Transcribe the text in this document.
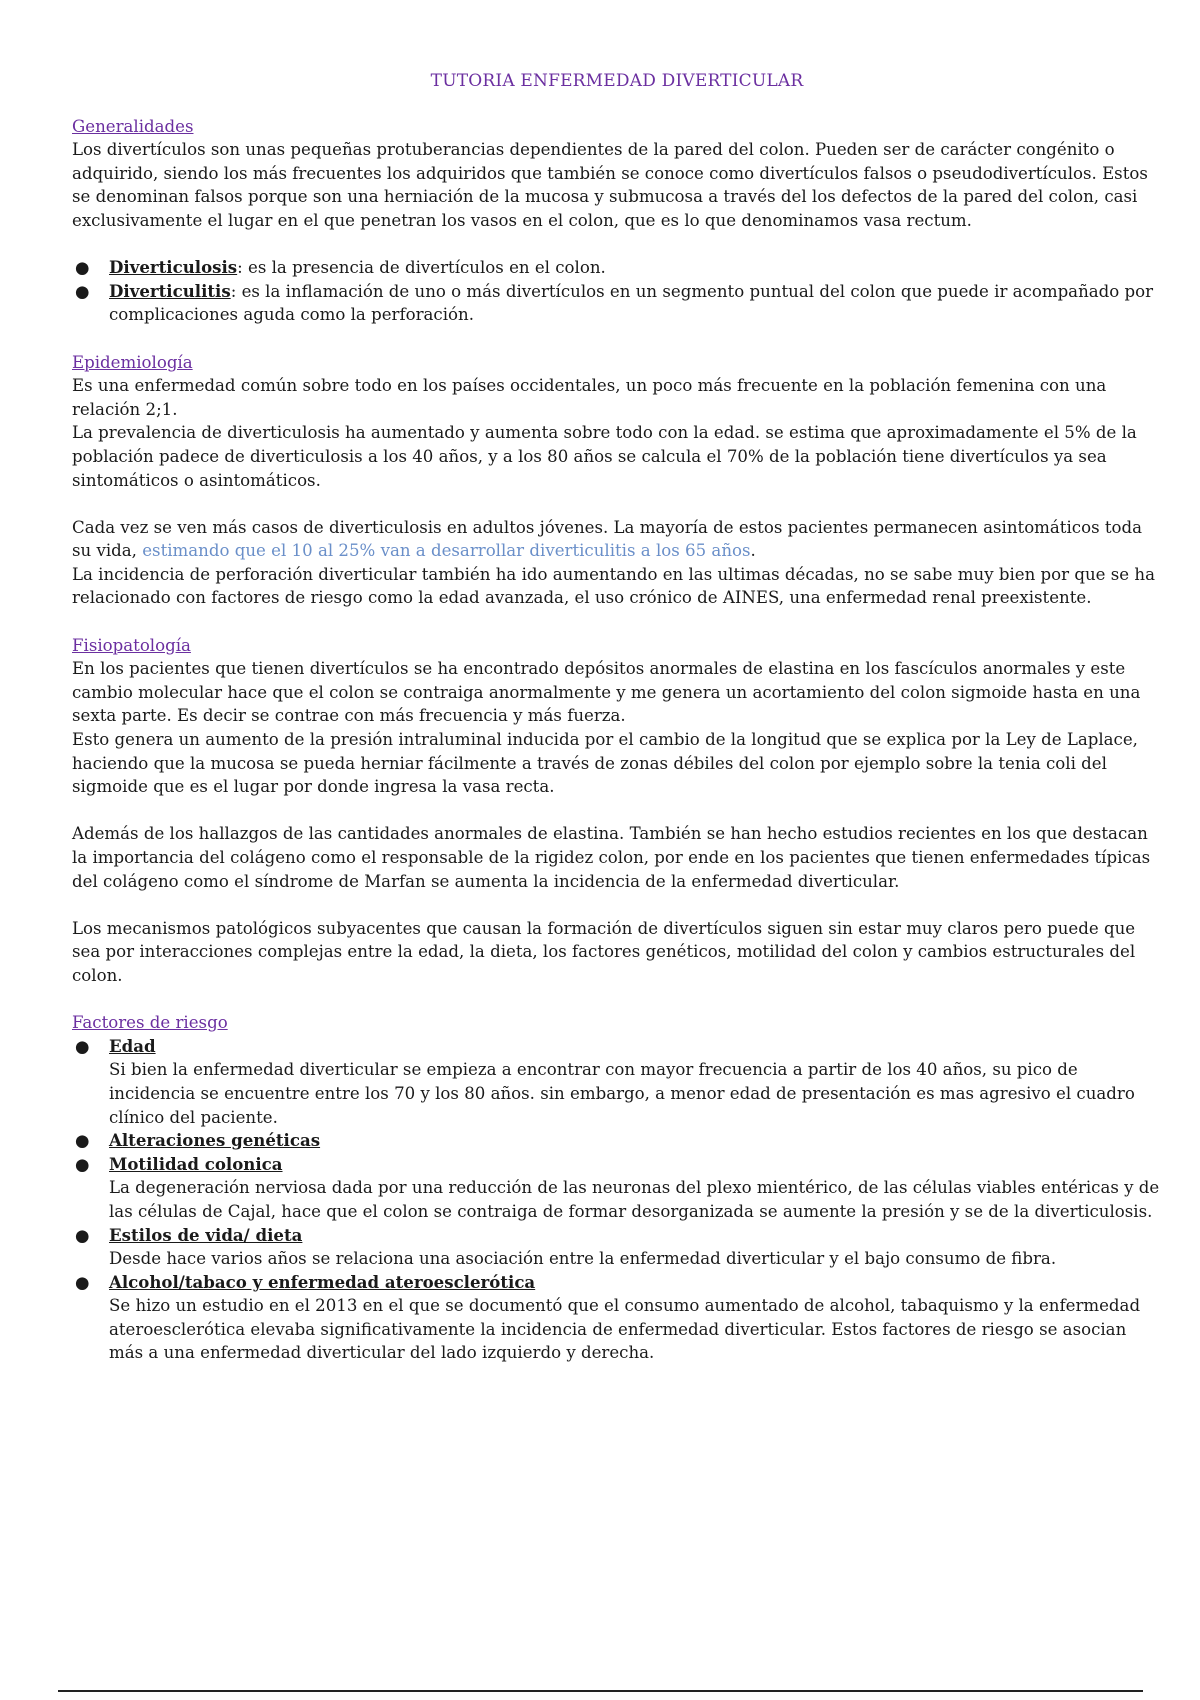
TUTORIA ENFERMEDAD DIVERTICULAR
Generalidades

Los divertículos son unas pequeñas protuberancias dependientes de la pared del colon. Pueden ser de carácter congénito o adquirido, siendo los más frecuentes los adquiridos que también se conoce como divertículos falsos o pseudodivertículos. Estos se denominan falsos porque son una herniación de la mucosa y submucosa a través del los defectos de la pared del colon, casi exclusivamente el lugar en el que penetran los vasos en el colon, que es lo que denominamos vasa rectum.

● Diverticulosis: es la presencia de divertículos en el colon.
● Diverticulitis: es la inflamación de uno o más divertículos en un segmento puntual del colon que puede ir acompañado por complicaciones aguda como la perforación.
Epidemiología

Es una enfermedad común sobre todo en los países occidentales, un poco más frecuente en la población femenina con una relación 2;1.

La prevalencia de diverticulosis ha aumentado y aumenta sobre todo con la edad. se estima que aproximadamente el 5% de la población padece de diverticulosis a los 40 años, y a los 80 años se calcula el 70% de la población tiene divertículos ya sea sintomáticos o asintomáticos.

Cada vez se ven más casos de diverticulosis en adultos jóvenes. La mayoría de estos pacientes permanecen asintomáticos toda su vida, estimando que el 10 al 25% van a desarrollar diverticulitis a los 65 años.

La incidencia de perforación diverticular también ha ido aumentando en las ultimas décadas, no se sabe muy bien por que se ha relacionado con factores de riesgo como la edad avanzada, el uso crónico de AINES, una enfermedad renal preexistente.

Fisiopatología

En los pacientes que tienen divertículos se ha encontrado depósitos anormales de elastina en los fascículos anormales y este cambio molecular hace que el colon se contraiga anormalmente y me genera un acortamiento del colon sigmoide hasta en una sexta parte. Es decir se contrae con más frecuencia y más fuerza.

Esto genera un aumento de la presión intraluminal inducida por el cambio de la longitud que se explica por la Ley de Laplace, haciendo que la mucosa se pueda herniar fácilmente a través de zonas débiles del colon por ejemplo sobre la tenia coli del sigmoide que es el lugar por donde ingresa la vasa recta.

Además de los hallazgos de las cantidades anormales de elastina. También se han hecho estudios recientes en los que destacan la importancia del colágeno como el responsable de la rigidez colon, por ende en los pacientes que tienen enfermedades típicas del colágeno como el síndrome de Marfan se aumenta la incidencia de la enfermedad diverticular.

Los mecanismos patológicos subyacentes que causan la formación de divertículos siguen sin estar muy claros pero puede que sea por interacciones complejas entre la edad, la dieta, los factores genéticos, motilidad del colon y cambios estructurales del colon.

Factores de riesgo
● Edad
Si bien la enfermedad diverticular se empieza a encontrar con mayor frecuencia a partir de los 40 años, su pico de incidencia se encuentre entre los 70 y los 80 años. sin embargo, a menor edad de presentación es mas agresivo el cuadro clínico del paciente.
● Alteraciones genéticas
● Motilidad colonica
La degeneración nerviosa dada por una reducción de las neuronas del plexo mientérico, de las células viables entéricas y de las células de Cajal, hace que el colon se contraiga de formar desorganizada se aumente la presión y se de la diverticulosis.
● Estilos de vida/ dieta
Desde hace varios años se relaciona una asociación entre la enfermedad diverticular y el bajo consumo de fibra.
● Alcohol/tabaco y enfermedad ateroesclerótica
Se hizo un estudio en el 2013 en el que se documentó que el consumo aumentado de alcohol, tabaquismo y la enfermedad ateroesclerótica elevaba significativamente la incidencia de enfermedad diverticular. Estos factores de riesgo se asocian más a una enfermedad diverticular del lado izquierdo y derecha.
